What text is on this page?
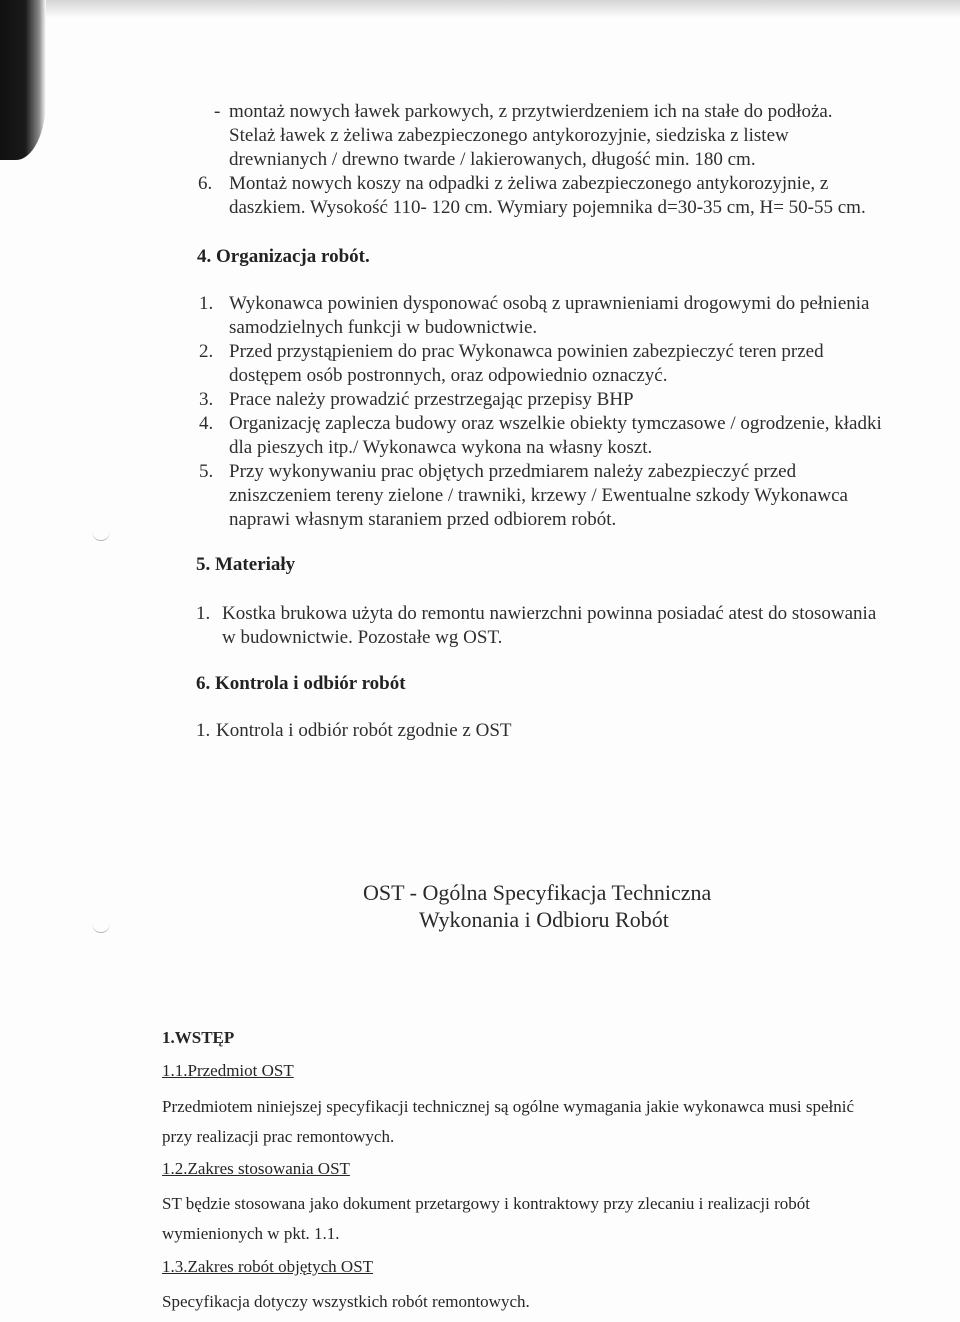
- montaż nowych ławek parkowych, z przytwierdzeniem ich na stałe do podłoża.
Stelaż ławek z żeliwa zabezpieczonego antykorozyjnie, siedziska z listew
drewnianych / drewno twarde / lakierowanych, długość min. 180 cm.
6. Montaż nowych koszy na odpadki z żeliwa zabezpieczonego antykorozyjnie, z
daszkiem. Wysokość 110- 120 cm. Wymiary pojemnika d=30-35 cm, H= 50-55 cm.
4. Organizacja robót.
1. Wykonawca powinien dysponować osobą z uprawnieniami drogowymi do pełnienia
samodzielnych funkcji w budownictwie.
2. Przed przystąpieniem do prac Wykonawca powinien zabezpieczyć teren przed
dostępem osób postronnych, oraz odpowiednio oznaczyć.
3. Prace należy prowadzić przestrzegając przepisy BHP
4. Organizację zaplecza budowy oraz wszelkie obiekty tymczasowe / ogrodzenie, kładki
dla pieszych itp./ Wykonawca wykona na własny koszt.
5. Przy wykonywaniu prac objętych przedmiarem należy zabezpieczyć przed
zniszczeniem tereny zielone / trawniki, krzewy / Ewentualne szkody Wykonawca
naprawi własnym staraniem przed odbiorem robót.
5. Materiały
1. Kostka brukowa użyta do remontu nawierzchni powinna posiadać atest do stosowania
w budownictwie. Pozostałe wg OST.
6. Kontrola i odbiór robót
1. Kontrola i odbiór robót zgodnie z OST
OST - Ogólna Specyfikacja Techniczna
Wykonania i Odbioru Robót
1.WSTĘP
1.1.Przedmiot OST
Przedmiotem niniejszej specyfikacji technicznej są ogólne wymagania jakie wykonawca musi spełnić
przy realizacji prac remontowych.
1.2.Zakres stosowania OST
ST będzie stosowana jako dokument przetargowy i kontraktowy przy zlecaniu i realizacji robót
wymienionych w pkt. 1.1.
1.3.Zakres robót objętych OST
Specyfikacja dotyczy wszystkich robót remontowych.
